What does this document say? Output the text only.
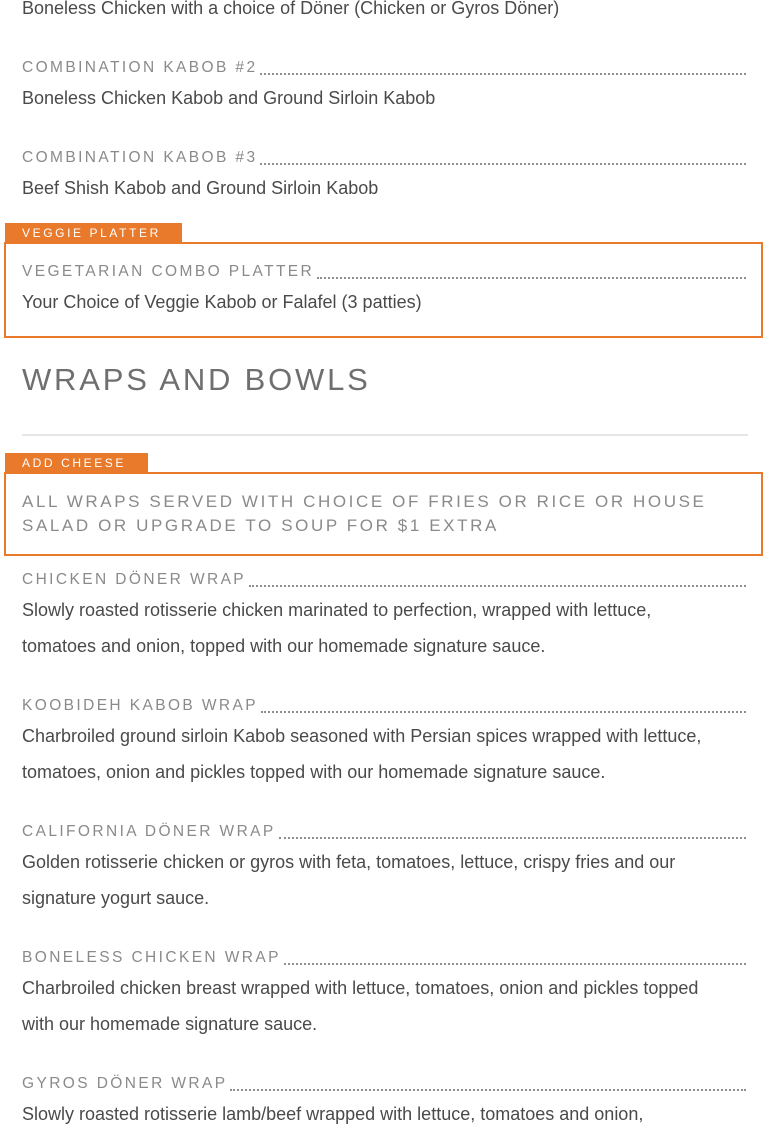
Boneless Chicken with a choice of Döner (Chicken or Gyros Döner)
COMBINATION KABOB #2
Boneless Chicken Kabob and Ground Sirloin Kabob
COMBINATION KABOB #3
Beef Shish Kabob and Ground Sirloin Kabob
VEGGIE PLATTER
VEGETARIAN COMBO PLATTER
Your Choice of Veggie Kabob or Falafel (3 patties)
WRAPS AND BOWLS
ADD CHEESE
ALL WRAPS SERVED WITH CHOICE OF FRIES OR RICE OR HOUSE
SALAD OR UPGRADE TO SOUP FOR $1 EXTRA
CHICKEN DÖNER WRAP
Slowly roasted rotisserie chicken marinated to perfection, wrapped with lettuce,
tomatoes and onion, topped with our homemade signature sauce.
KOOBIDEH KABOB WRAP
Charbroiled ground sirloin Kabob seasoned with Persian spices wrapped with lettuce,
tomatoes, onion and pickles topped with our homemade signature sauce.
CALIFORNIA DÖNER WRAP
Golden rotisserie chicken or gyros with feta, tomatoes, lettuce, crispy fries and our
signature yogurt sauce.
BONELESS CHICKEN WRAP
Charbroiled chicken breast wrapped with lettuce, tomatoes, onion and pickles topped
with our homemade signature sauce.
GYROS DÖNER WRAP
Slowly roasted rotisserie lamb/beef wrapped with lettuce, tomatoes and onion,
